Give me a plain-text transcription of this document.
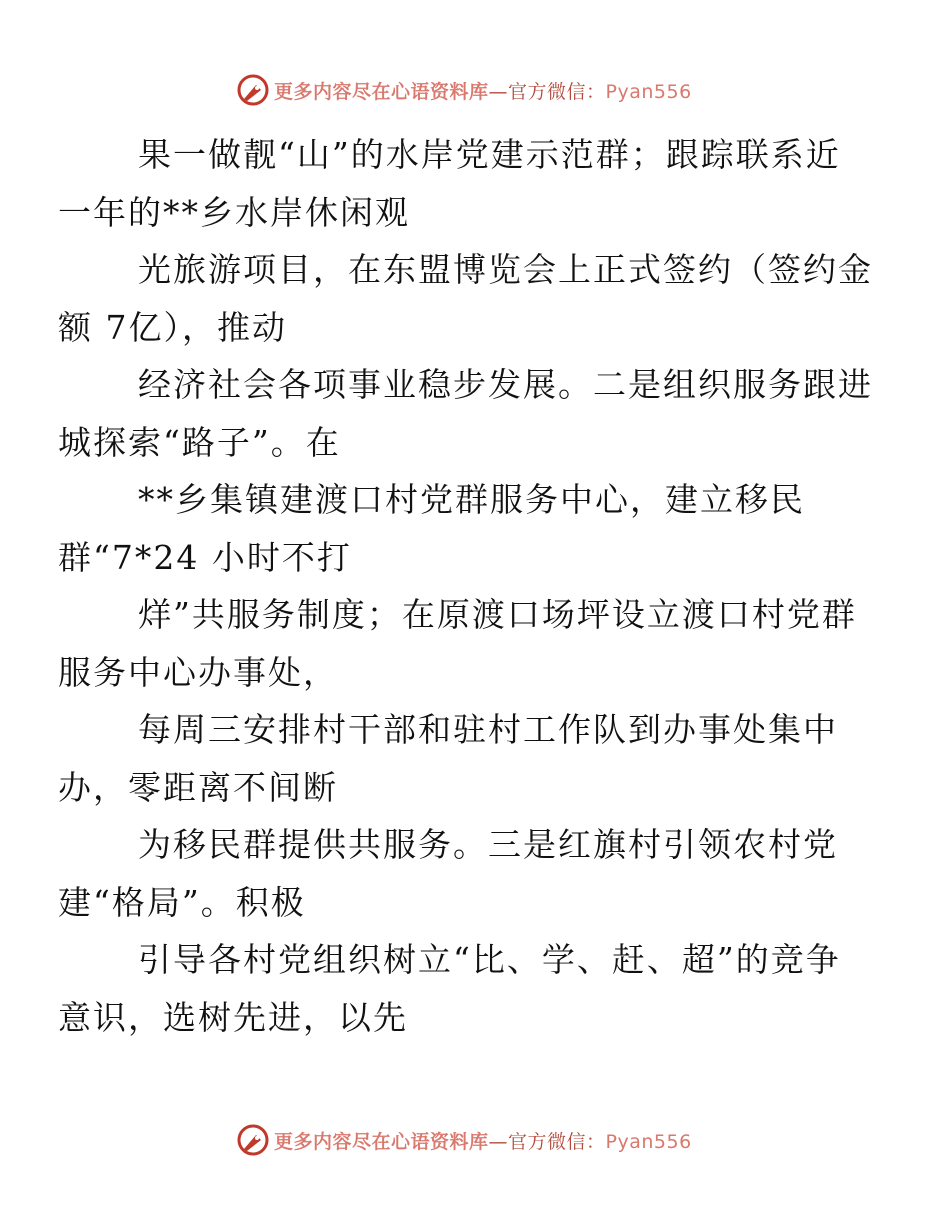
更多内容尽在心语资料库—官方微信：Pyan556

果一做靓“山”的水岸党建示范群；跟踪联系近
一年的**乡水岸休闲观

光旅游项目，在东盟博览会上正式签约（签约金
额 7亿），推动

经济社会各项事业稳步发展。二是组织服务跟进
城探索“路子”。在

**乡集镇建渡口村党群服务中心，建立移民
群“7*24 小时不打

烊”共服务制度；在原渡口场坪设立渡口村党群
服务中心办事处，

每周三安排村干部和驻村工作队到办事处集中
办，零距离不间断

为移民群提供共服务。三是红旗村引领农村党
建“格局”。积极

引导各村党组织树立“比、学、赶、超”的竞争
意识，选树先进，以先

更多内容尽在心语资料库—官方微信：Pyan556
